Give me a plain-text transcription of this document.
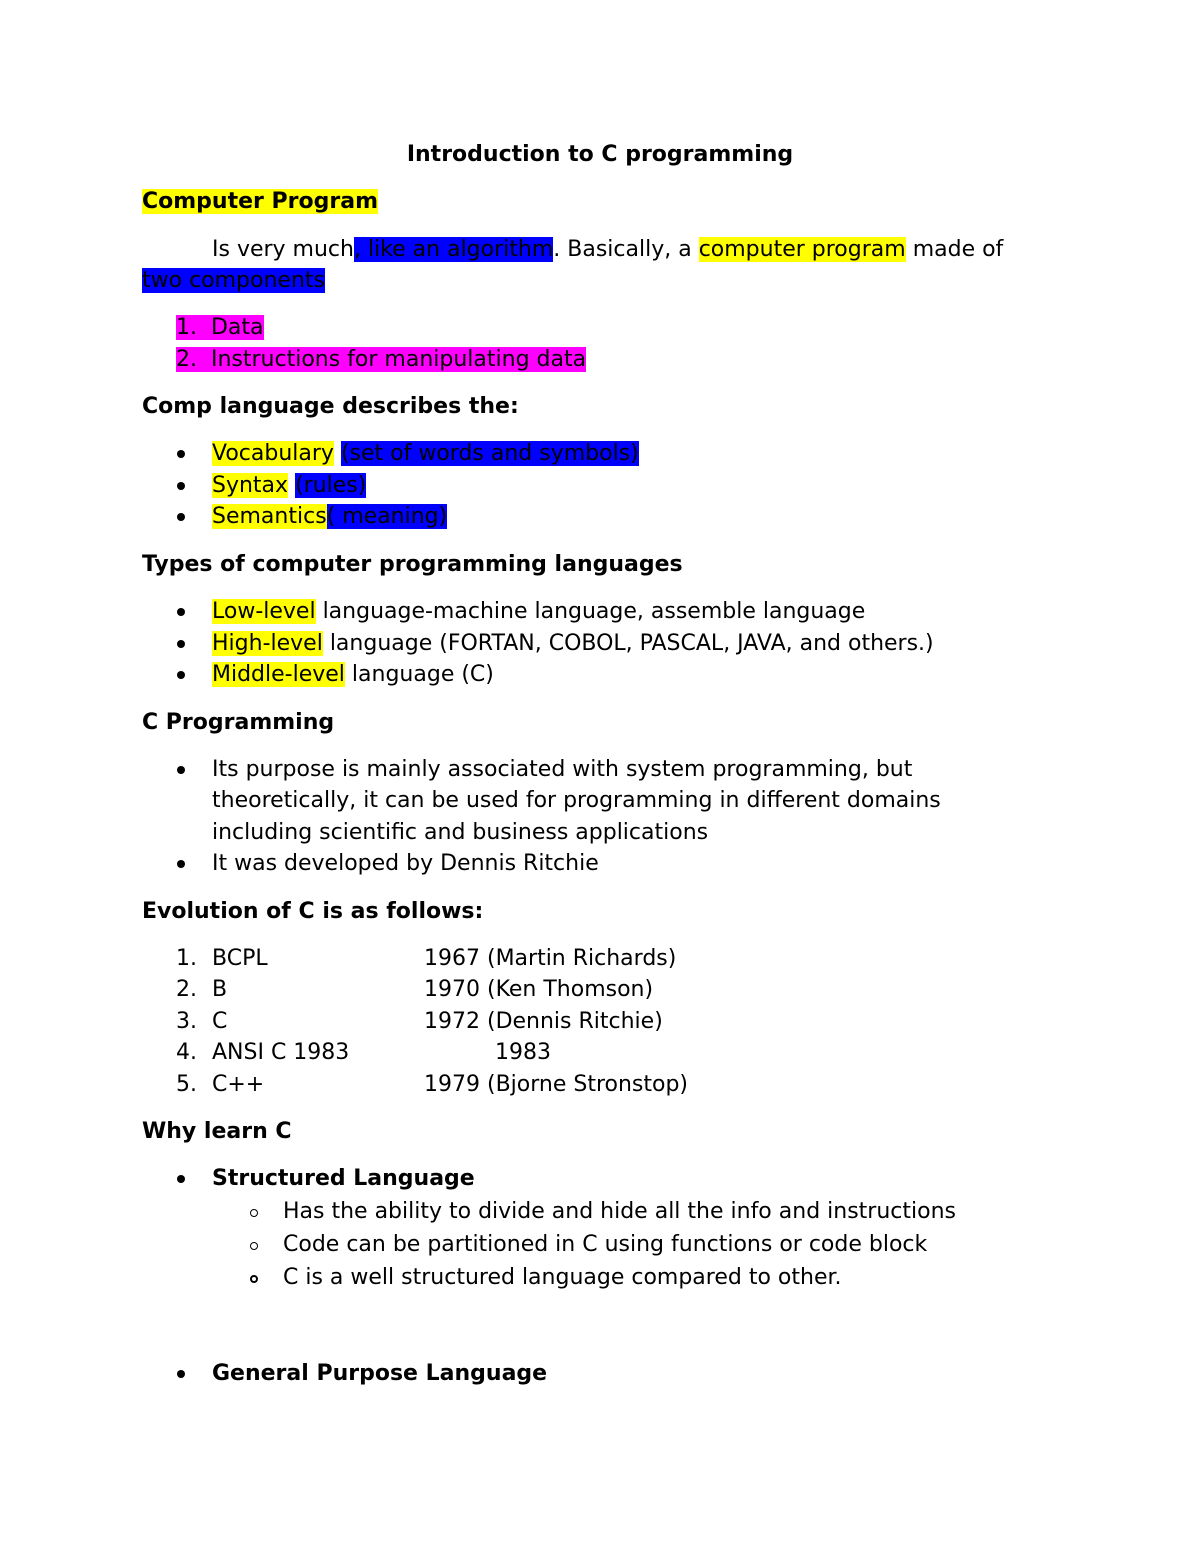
Introduction to C programming
Computer Program
Is very much, like an algorithm. Basically, a computer program made of
two components
1.  Data
2.  Instructions for manipulating data
Comp language describes the:
Vocabulary (set of words and symbols)
Syntax (rules)
Semantics( meaning)
Types of computer programming languages
Low-level language-machine language, assemble language
High-level language (FORTAN, COBOL, PASCAL, JAVA, and others.)
Middle-level language (C)
C Programming
Its purpose is mainly associated with system programming, but
theoretically, it can be used for programming in different domains
including scientific and business applications
It was developed by Dennis Ritchie
Evolution of C is as follows:
1. BCPL	1967 (Martin Richards)
2. B	1970 (Ken Thomson)
3. C	1972 (Dennis Ritchie)
4. ANSI C 1983	1983
5. C++	1979 (Bjorne Stronstop)
Why learn C
Structured Language
Has the ability to divide and hide all the info and instructions
Code can be partitioned in C using functions or code block
C is a well structured language compared to other.
General Purpose Language
